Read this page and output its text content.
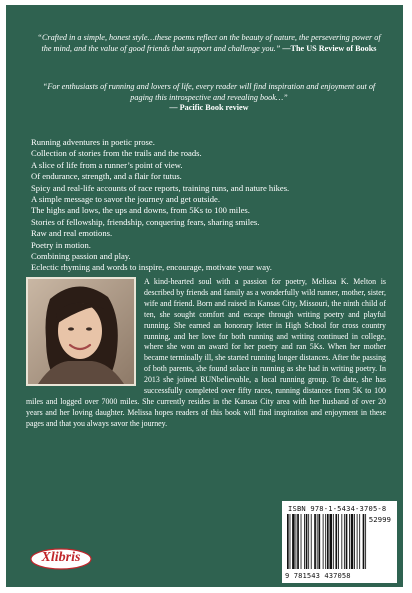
“Crafted in a simple, honest style…these poems reflect on the beauty of nature, the persevering power of the mind, and the value of good friends that support and challenge you.” —The US Review of Books
“For enthusiasts of running and lovers of life, every reader will find inspiration and enjoyment out of paging this introspective and revealing book…”
— Pacific Book review
Running adventures in poetic prose.
Collection of stories from the trails and the roads.
A slice of life from a runner’s point of view.
Of endurance, strength, and a flair for tutus.
Spicy and real-life accounts of race reports, training runs, and nature hikes.
A simple message to savor the journey and get outside.
The highs and lows, the ups and downs, from 5Ks to 100 miles.
Stories of fellowship, friendship, conquering fears, sharing smiles.
Raw and real emotions.
Poetry in motion.
Combining passion and play.
Eclectic rhyming and words to inspire, encourage, motivate your way.
A kind-hearted soul with a passion for poetry, Melissa K. Melton is described by friends and family as a wonderfully wild runner, mother, sister, wife and friend. Born and raised in Kansas City, Missouri, the ninth child of ten, she sought comfort and escape through writing poetry and playful running. She earned an honorary letter in High School for cross country running, and her love for both running and writing continued in college, where she won an award for her poetry and ran 5Ks. When her mother became terminally ill, she started running longer distances. After the passing of both parents, she found solace in running as she had in writing poetry. In 2013 she joined RUNbelievable, a local running group. To date, she has successfully completed over fifty races, running distances from 5K to 100 miles and logged over 7000 miles. She currently resides in the Kansas City area with her husband of over 20 years and her loving daughter. Melissa hopes readers of this book will find inspiration and enjoyment in these pages and that you always savor the journey.
ISBN 978-1-5434-3705-8
52999
9 781543 437058
Xlibris
